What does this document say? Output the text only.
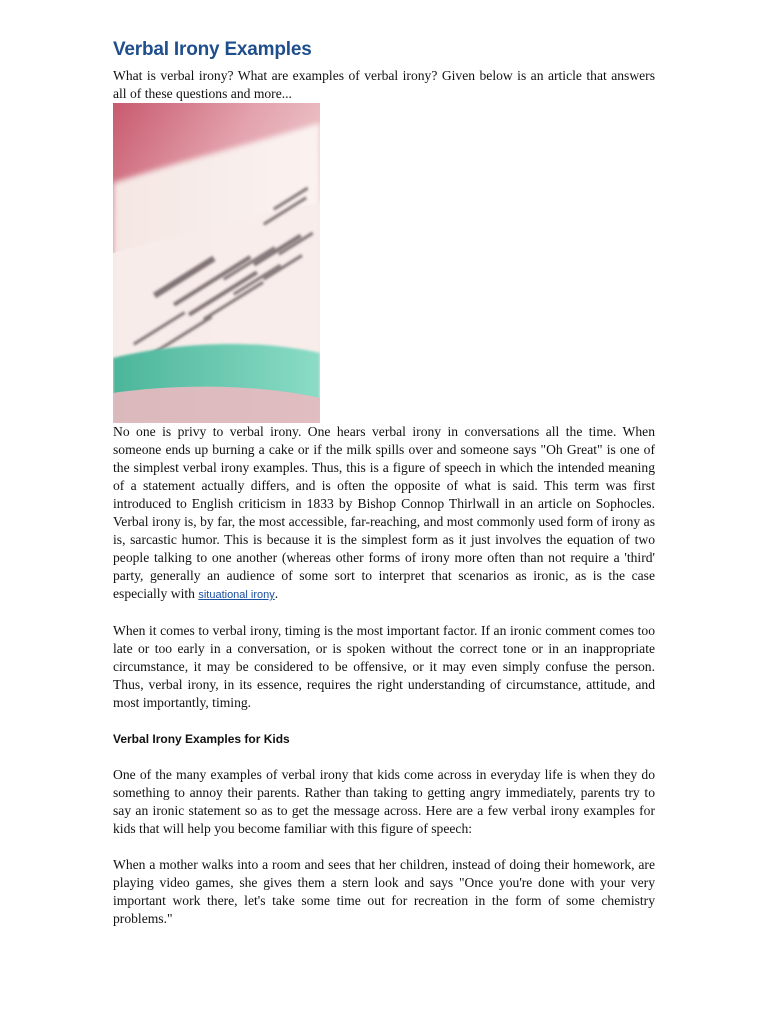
Verbal Irony Examples

What is verbal irony? What are examples of verbal irony? Given below is an article that answers all of these questions and more...

No one is privy to verbal irony. One hears verbal irony in conversations all the time. When someone ends up burning a cake or if the milk spills over and someone says "Oh Great" is one of the simplest verbal irony examples. Thus, this is a figure of speech in which the intended meaning of a statement actually differs, and is often the opposite of what is said. This term was first introduced to English criticism in 1833 by Bishop Connop Thirlwall in an article on Sophocles. Verbal irony is, by far, the most accessible, far-reaching, and most commonly used form of irony as is, sarcastic humor. This is because it is the simplest form as it just involves the equation of two people talking to one another (whereas other forms of irony more often than not require a 'third' party, generally an audience of some sort to interpret that scenarios as ironic, as is the case especially with situational irony.

When it comes to verbal irony, timing is the most important factor. If an ironic comment comes too late or too early in a conversation, or is spoken without the correct tone or in an inappropriate circumstance, it may be considered to be offensive, or it may even simply confuse the person. Thus, verbal irony, in its essence, requires the right understanding of circumstance, attitude, and most importantly, timing.

Verbal Irony Examples for Kids

One of the many examples of verbal irony that kids come across in everyday life is when they do something to annoy their parents. Rather than taking to getting angry immediately, parents try to say an ironic statement so as to get the message across. Here are a few verbal irony examples for kids that will help you become familiar with this figure of speech:

When a mother walks into a room and sees that her children, instead of doing their homework, are playing video games, she gives them a stern look and says "Once you're done with your very important work there, let's take some time out for recreation in the form of some chemistry problems."
